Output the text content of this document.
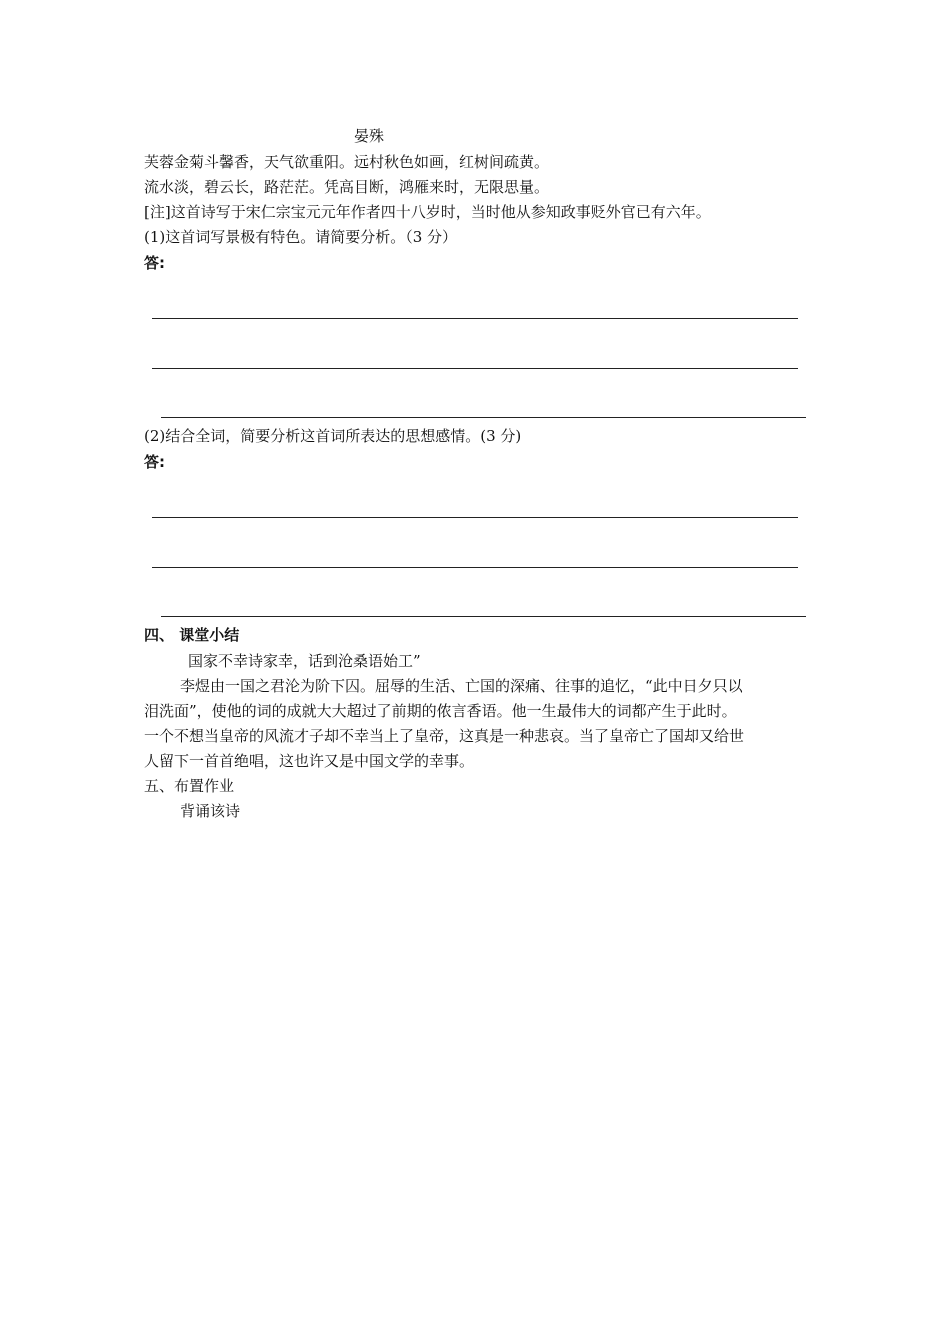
晏殊
芙蓉金菊斗馨香，天气欲重阳。远村秋色如画，红树间疏黄。
流水淡，碧云长，路茫茫。凭高目断，鸿雁来时，无限思量。
[注]这首诗写于宋仁宗宝元元年作者四十八岁时，当时他从参知政事贬外官已有六年。
(1)这首词写景极有特色。请简要分析。（3 分）
答:
(2)结合全词，简要分析这首词所表达的思想感情。(3 分)
答:
四、 课堂小结
国家不幸诗家幸，话到沧桑语始工”
李煜由一国之君沦为阶下囚。屈辱的生活、亡国的深痛、往事的追忆，“此中日夕只以
泪洗面”，使他的词的成就大大超过了前期的侬言香语。他一生最伟大的词都产生于此时。
一个不想当皇帝的风流才子却不幸当上了皇帝，这真是一种悲哀。当了皇帝亡了国却又给世
人留下一首首绝唱，这也许又是中国文学的幸事。
五、布置作业
背诵该诗
